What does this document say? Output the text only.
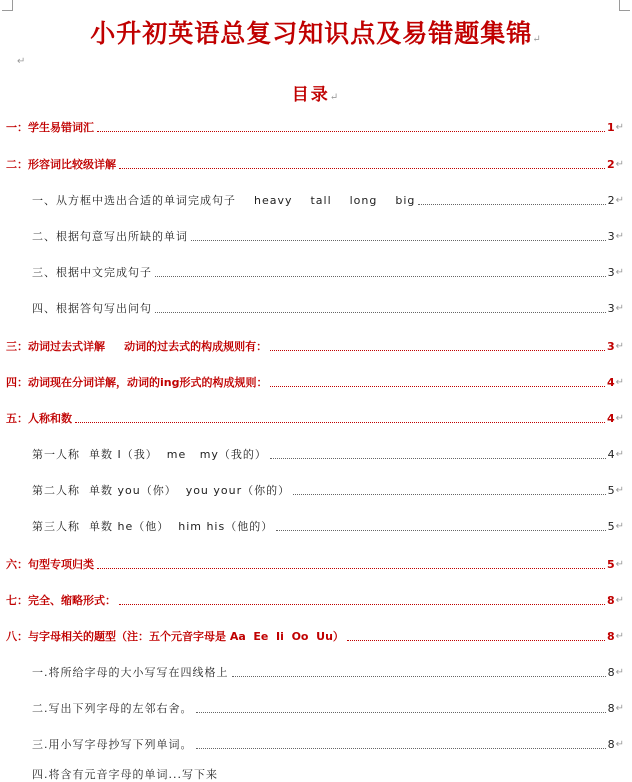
小升初英语总复习知识点及易错题集锦↵
↵
目录↵
一：学生易错词汇	1 ↵
二：形容词比较级详解	2 ↵
一、从方框中选出合适的单词完成句子    heavy    tall    long    big	2 ↵
二、根据句意写出所缺的单词	3 ↵
三、根据中文完成句子	3 ↵
四、根据答句写出问句	3 ↵
三：动词过去式详解     动词的过去式的构成规则有：	3 ↵
四：动词现在分词详解，动词的ing形式的构成规则：	4 ↵
五：人称和数	4 ↵
第一人称  单数 I（我）  me   my（我的）	4 ↵
第二人称  单数 you（你）  you your（你的）	5 ↵
第三人称  单数 he（他）  him his（他的）	5 ↵
六：句型专项归类	5 ↵
七：完全、缩略形式：	8 ↵
八：与字母相关的题型（注：五个元音字母是 Aa  Ee  Ii  Oo  Uu）	8 ↵
一.将所给字母的大小写写在四线格上	8 ↵
二.写出下列字母的左邻右舍。	8 ↵
三.用小写字母抄写下列单词。	8 ↵
四.将含有元音字母的单词...写下来
